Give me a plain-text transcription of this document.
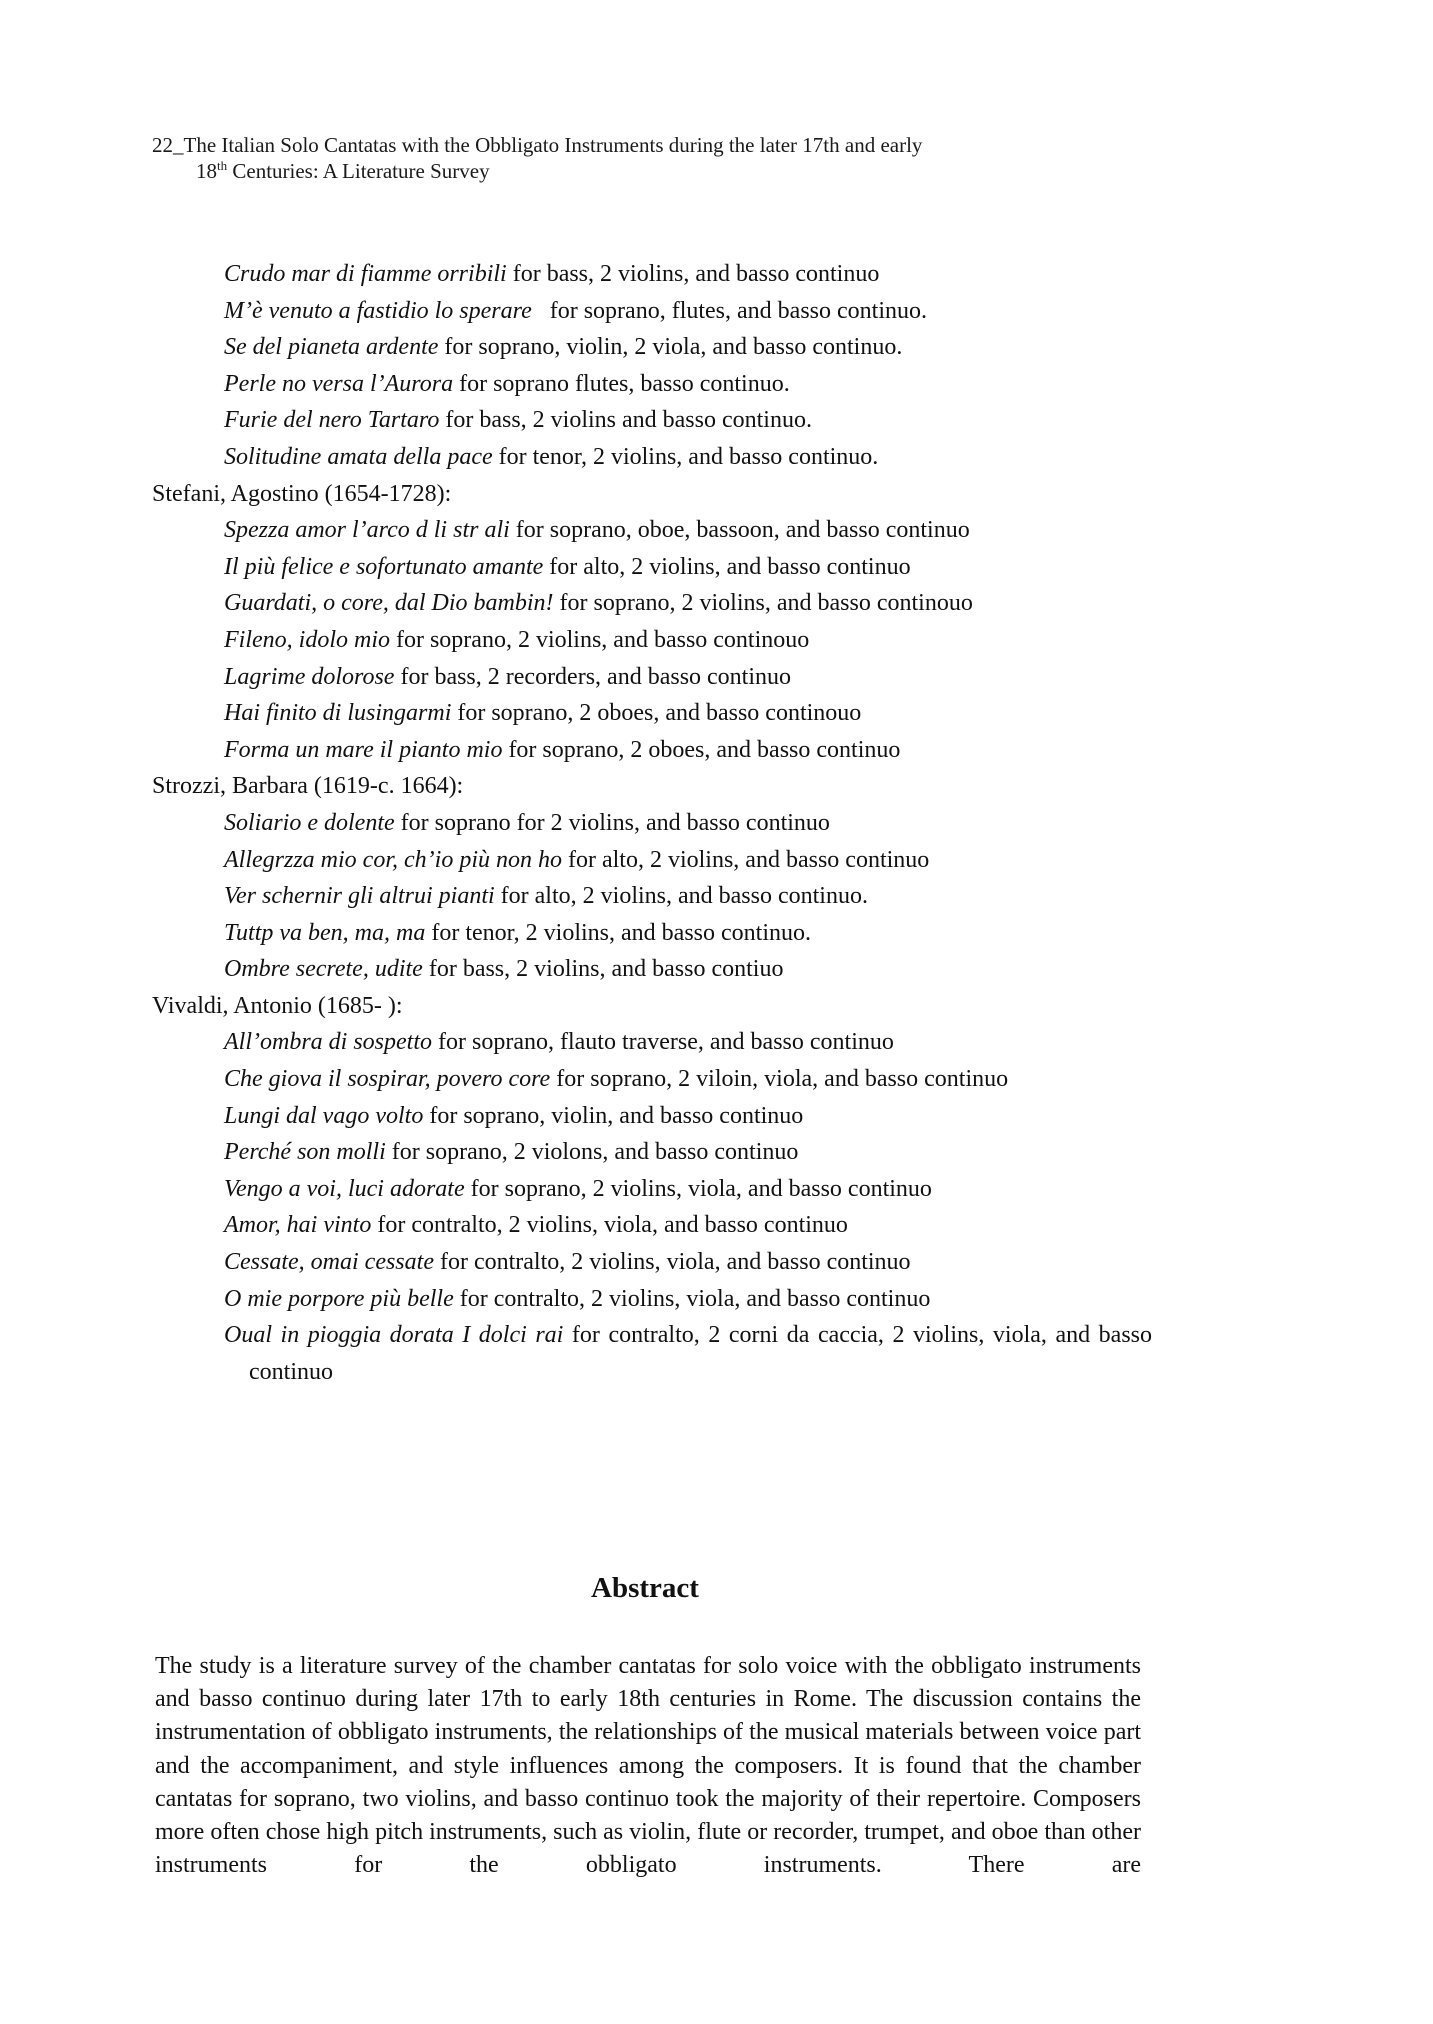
22_The Italian Solo Cantatas with the Obbligato Instruments during the later 17th and early
18th Centuries: A Literature Survey
Crudo mar di fiamme orribili for bass, 2 violins, and basso continuo
M’è venuto a fastidio lo sperare   for soprano, flutes, and basso continuo.
Se del pianeta ardente for soprano, violin, 2 viola, and basso continuo.
Perle no versa l’Aurora for soprano flutes, basso continuo.
Furie del nero Tartaro for bass, 2 violins and basso continuo.
Solitudine amata della pace for tenor, 2 violins, and basso continuo.
Stefani, Agostino (1654-1728):
Spezza amor l’arco d li str ali for soprano, oboe, bassoon, and basso continuo
Il più felice e sofortunato amante for alto, 2 violins, and basso continuo
Guardati, o core, dal Dio bambin! for soprano, 2 violins, and basso continouo
Fileno, idolo mio for soprano, 2 violins, and basso continouo
Lagrime dolorose for bass, 2 recorders, and basso continuo
Hai finito di lusingarmi for soprano, 2 oboes, and basso continouo
Forma un mare il pianto mio for soprano, 2 oboes, and basso continuo
Strozzi, Barbara (1619-c. 1664):
Soliario e dolente for soprano for 2 violins, and basso continuo
Allegrzza mio cor, ch’io più non ho for alto, 2 violins, and basso continuo
Ver schernir gli altrui pianti for alto, 2 violins, and basso continuo.
Tuttp va ben, ma, ma for tenor, 2 violins, and basso continuo.
Ombre secrete, udite for bass, 2 violins, and basso contiuo
Vivaldi, Antonio (1685- ):
All’ombra di sospetto for soprano, flauto traverse, and basso continuo
Che giova il sospirar, povero core for soprano, 2 viloin, viola, and basso continuo
Lungi dal vago volto for soprano, violin, and basso continuo
Perché son molli for soprano, 2 violons, and basso continuo
Vengo a voi, luci adorate for soprano, 2 violins, viola, and basso continuo
Amor, hai vinto for contralto, 2 violins, viola, and basso continuo
Cessate, omai cessate for contralto, 2 violins, viola, and basso continuo
O mie porpore più belle for contralto, 2 violins, viola, and basso continuo
Oual in pioggia dorata I dolci rai for contralto, 2 corni da caccia, 2 violins, viola, and basso continuo
Abstract

The study is a literature survey of the chamber cantatas for solo voice with the obbligato instruments and basso continuo during later 17th to early 18th centuries in Rome. The discussion contains the instrumentation of obbligato instruments, the relationships of the musical materials between voice part and the accompaniment, and style influences among the composers. It is found that the chamber cantatas for soprano, two violins, and basso continuo took the majority of their repertoire. Composers more often chose high pitch instruments, such as violin, flute or recorder, trumpet, and oboe than other instruments for the obbligato instruments. There are
